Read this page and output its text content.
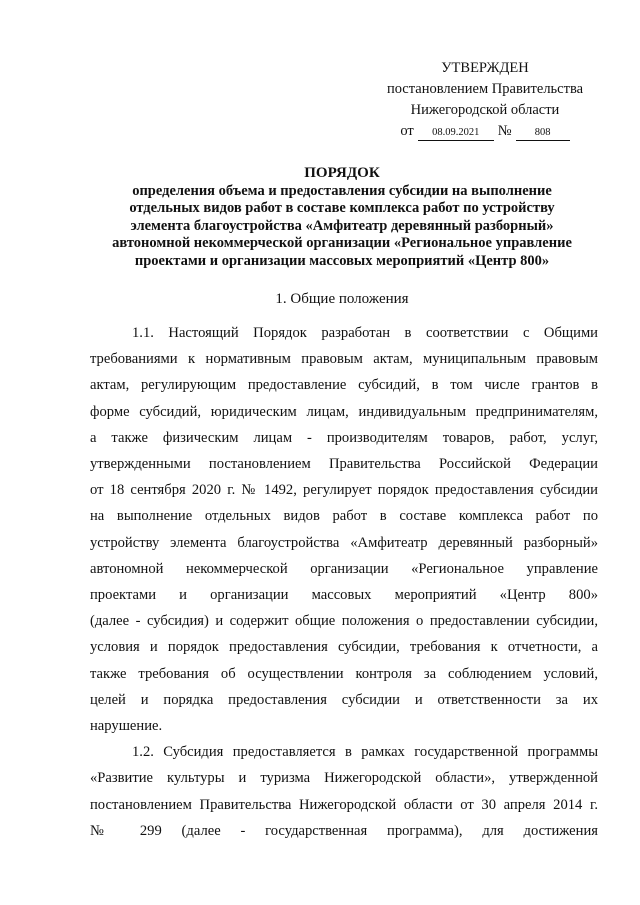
УТВЕРЖДЕН
постановлением Правительства
Нижегородской области
от	08.09.2021	№	808
ПОРЯДОК
определения объема и предоставления субсидии на выполнение
отдельных видов работ в составе комплекса работ по устройству
элемента благоустройства «Амфитеатр деревянный разборный»
автономной некоммерческой организации «Региональное управление
проектами и организации массовых мероприятий «Центр 800»
1. Общие положения
1.1. Настоящий Порядок разработан в соответствии с Общими
требованиями к нормативным правовым актам, муниципальным правовым
актам, регулирующим предоставление субсидий, в том числе грантов в
форме субсидий, юридическим лицам, индивидуальным предпринимателям,
а также физическим лицам - производителям товаров, работ, услуг,
утвержденными постановлением Правительства Российской Федерации
от 18 сентября 2020 г. № 1492, регулирует порядок предоставления субсидии
на выполнение отдельных видов работ в составе комплекса работ по
устройству элемента благоустройства «Амфитеатр деревянный разборный»
автономной некоммерческой организации «Региональное управление
проектами и организации массовых мероприятий «Центр 800»
(далее - субсидия) и содержит общие положения о предоставлении субсидии,
условия и порядок предоставления субсидии, требования к отчетности, а
также требования об осуществлении контроля за соблюдением условий,
целей и порядка предоставления субсидии и ответственности за их
нарушение.
1.2. Субсидия предоставляется в рамках государственной программы
«Развитие культуры и туризма Нижегородской области», утвержденной
постановлением Правительства Нижегородской области от 30 апреля 2014 г.
№ 299 (далее - государственная программа), для достижения
